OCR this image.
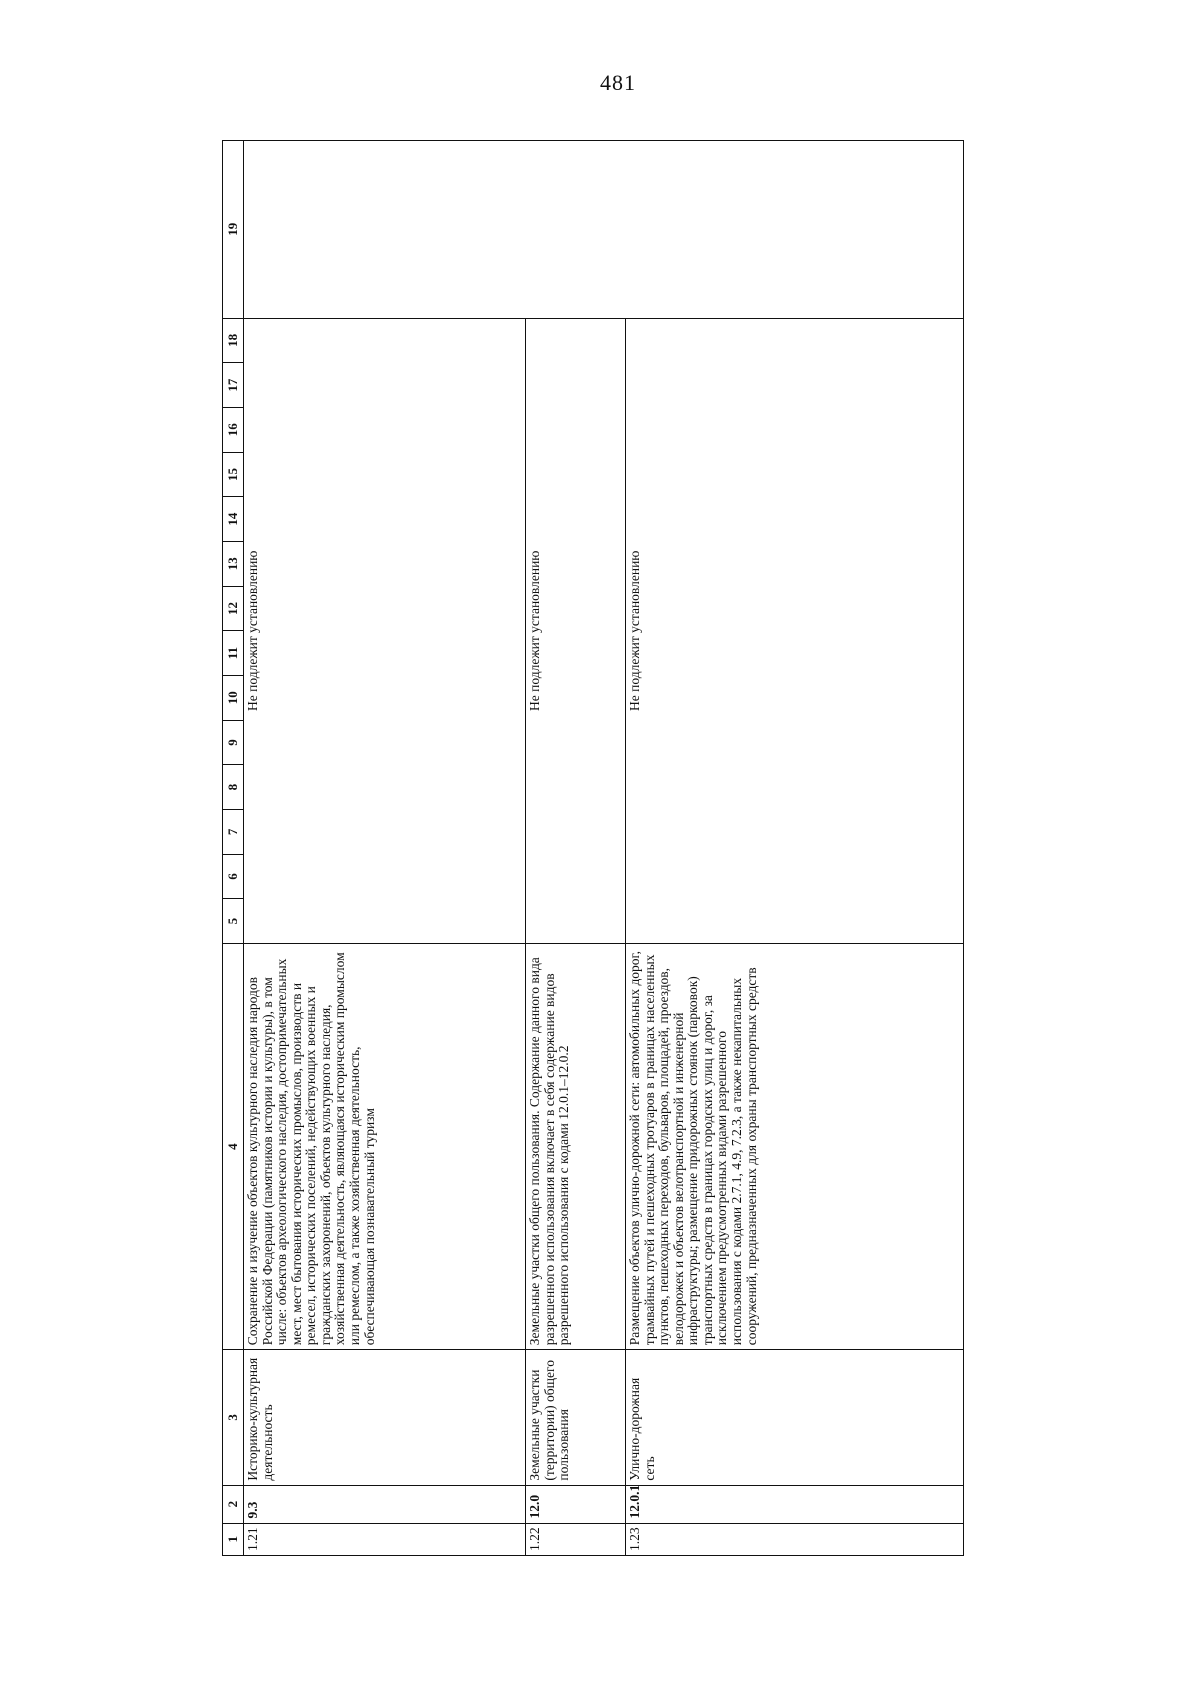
481
1	2	3	4	5	6	7	8	9	10	11	12	13	14	15	16	17	18	19
1.21	9.3	Историко-культурная деятельность	Сохранение и изучение объектов культурного наследия народов Российской Федерации (памятников истории и культуры), в том числе: объектов археологического наследия, достопримечательных мест, мест бытования исторических промыслов, производств и ремесел, исторических поселений, недействующих военных и гражданских захоронений, объектов культурного наследия, хозяйственная деятельность, являющаяся историческим промыслом или ремеслом, а также хозяйственная деятельность, обеспечивающая познавательный туризм	Не подлежит установлению														
1.22	12.0	Земельные участки (территории) общего пользования	Земельные участки общего пользования. Содержание данного вида разрешенного использования включает в себя содержание видов разрешенного использования с кодами 12.0.1–12.0.2	Не подлежит установлению														
1.23	12.0.1	Улично-дорожная сеть	Размещение объектов улично-дорожной сети: автомобильных дорог, трамвайных путей и пешеходных тротуаров в границах населенных пунктов, пешеходных переходов, бульваров, площадей, проездов, велодорожек и объектов велотранспортной и инженерной инфраструктуры; размещение придорожных стоянок (парковок) транспортных средств в границах городских улиц и дорог, за исключением предусмотренных видами разрешенного использования с кодами 2.7.1, 4.9, 7.2.3, а также некапитальных сооружений, предназначенных для охраны транспортных средств	Не подлежит установлению														
